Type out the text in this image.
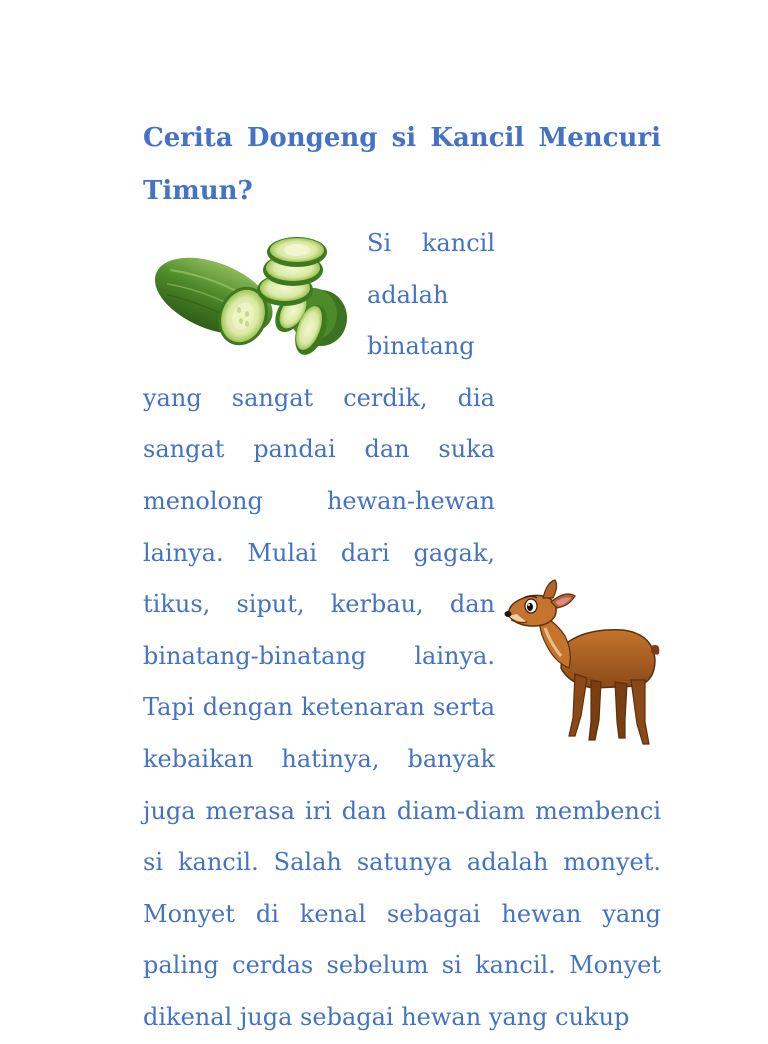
Cerita Dongeng si Kancil Mencuri Timun?
Si kancil adalah binatang yang sangat cerdik, dia sangat pandai dan suka menolong hewan-hewan lainya. Mulai dari gagak, tikus, siput, kerbau, dan binatang-binatang lainya. Tapi dengan ketenaran serta kebaikan hatinya, banyak juga merasa iri dan diam-diam membenci si kancil. Salah satunya adalah monyet. Monyet di kenal sebagai hewan yang paling cerdas sebelum si kancil. Monyet dikenal juga sebagai hewan yang cukup
